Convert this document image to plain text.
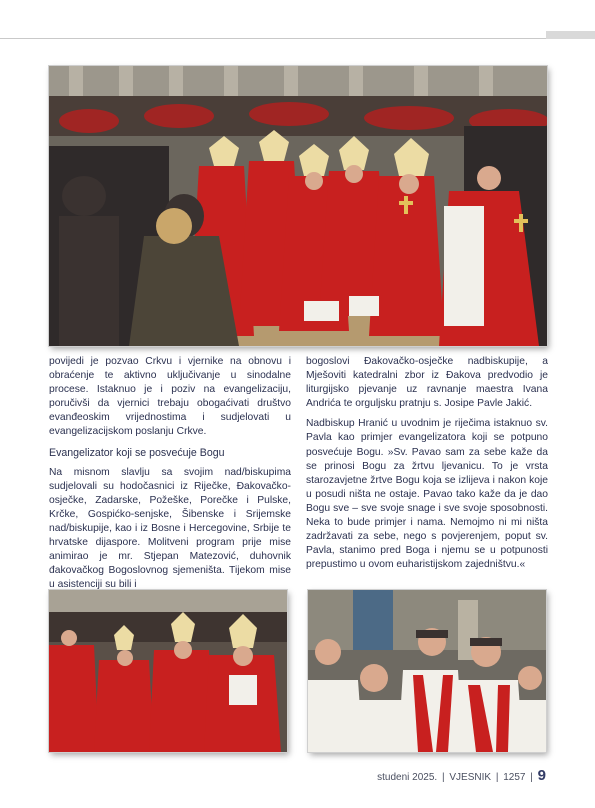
povijedi je pozvao Crkvu i vjernike na obnovu i obraćenje te aktivno uključivanje u sinodalne procese. Istaknuo je i poziv na evangelizaciju, poručivši da vjernici trebaju obogaćivati društvo evanđeoskim vrijednostima i sudjelovati u evangelizacijskom poslanju Crkve.

Evangelizator koji se posvećuje Bogu

Na misnom slavlju sa svojim nad/biskupima sudjelovali su hodočasnici iz Riječke, Đakovačko-osječke, Zadarske, Požeške, Porečke i Pulske, Krčke, Gospićko-senjske, Šibenske i Srijemske nad/biskupije, kao i iz Bosne i Hercegovine, Srbije te hrvatske dijaspore. Molitveni program prije mise animirao je mr. Stjepan Matezović, duhovnik đakovačkog Bogoslovnog sjemeništa. Tijekom mise u asistenciji su bili i

bogoslovi Đakovačko-osječke nadbiskupije, a Mješoviti katedralni zbor iz Đakova predvodio je liturgijsko pjevanje uz ravnanje maestra Ivana Andrića te orguljsku pratnju s. Josipe Pavle Jakić.

Nadbiskup Hranić u uvodnim je riječima istaknuo sv. Pavla kao primjer evangelizatora koji se potpuno posvećuje Bogu. »Sv. Pavao sam za sebe kaže da se prinosi Bogu za žrtvu ljevanicu. To je vrsta starozavjetne žrtve Bogu koja se izlijeva i nakon koje u posudi ništa ne ostaje. Pavao tako kaže da je dao Bogu sve – sve svoje snage i sve svoje sposobnosti. Neka to bude primjer i nama. Nemojmo ni mi ništa zadržavati za sebe, nego s povjerenjem, poput sv. Pavla, stanimo pred Boga i njemu se u potpunosti prepustimo u ovom euharistijskom zajedništvu.«

studeni 2025. | VJESNIK | 1257 | 9
